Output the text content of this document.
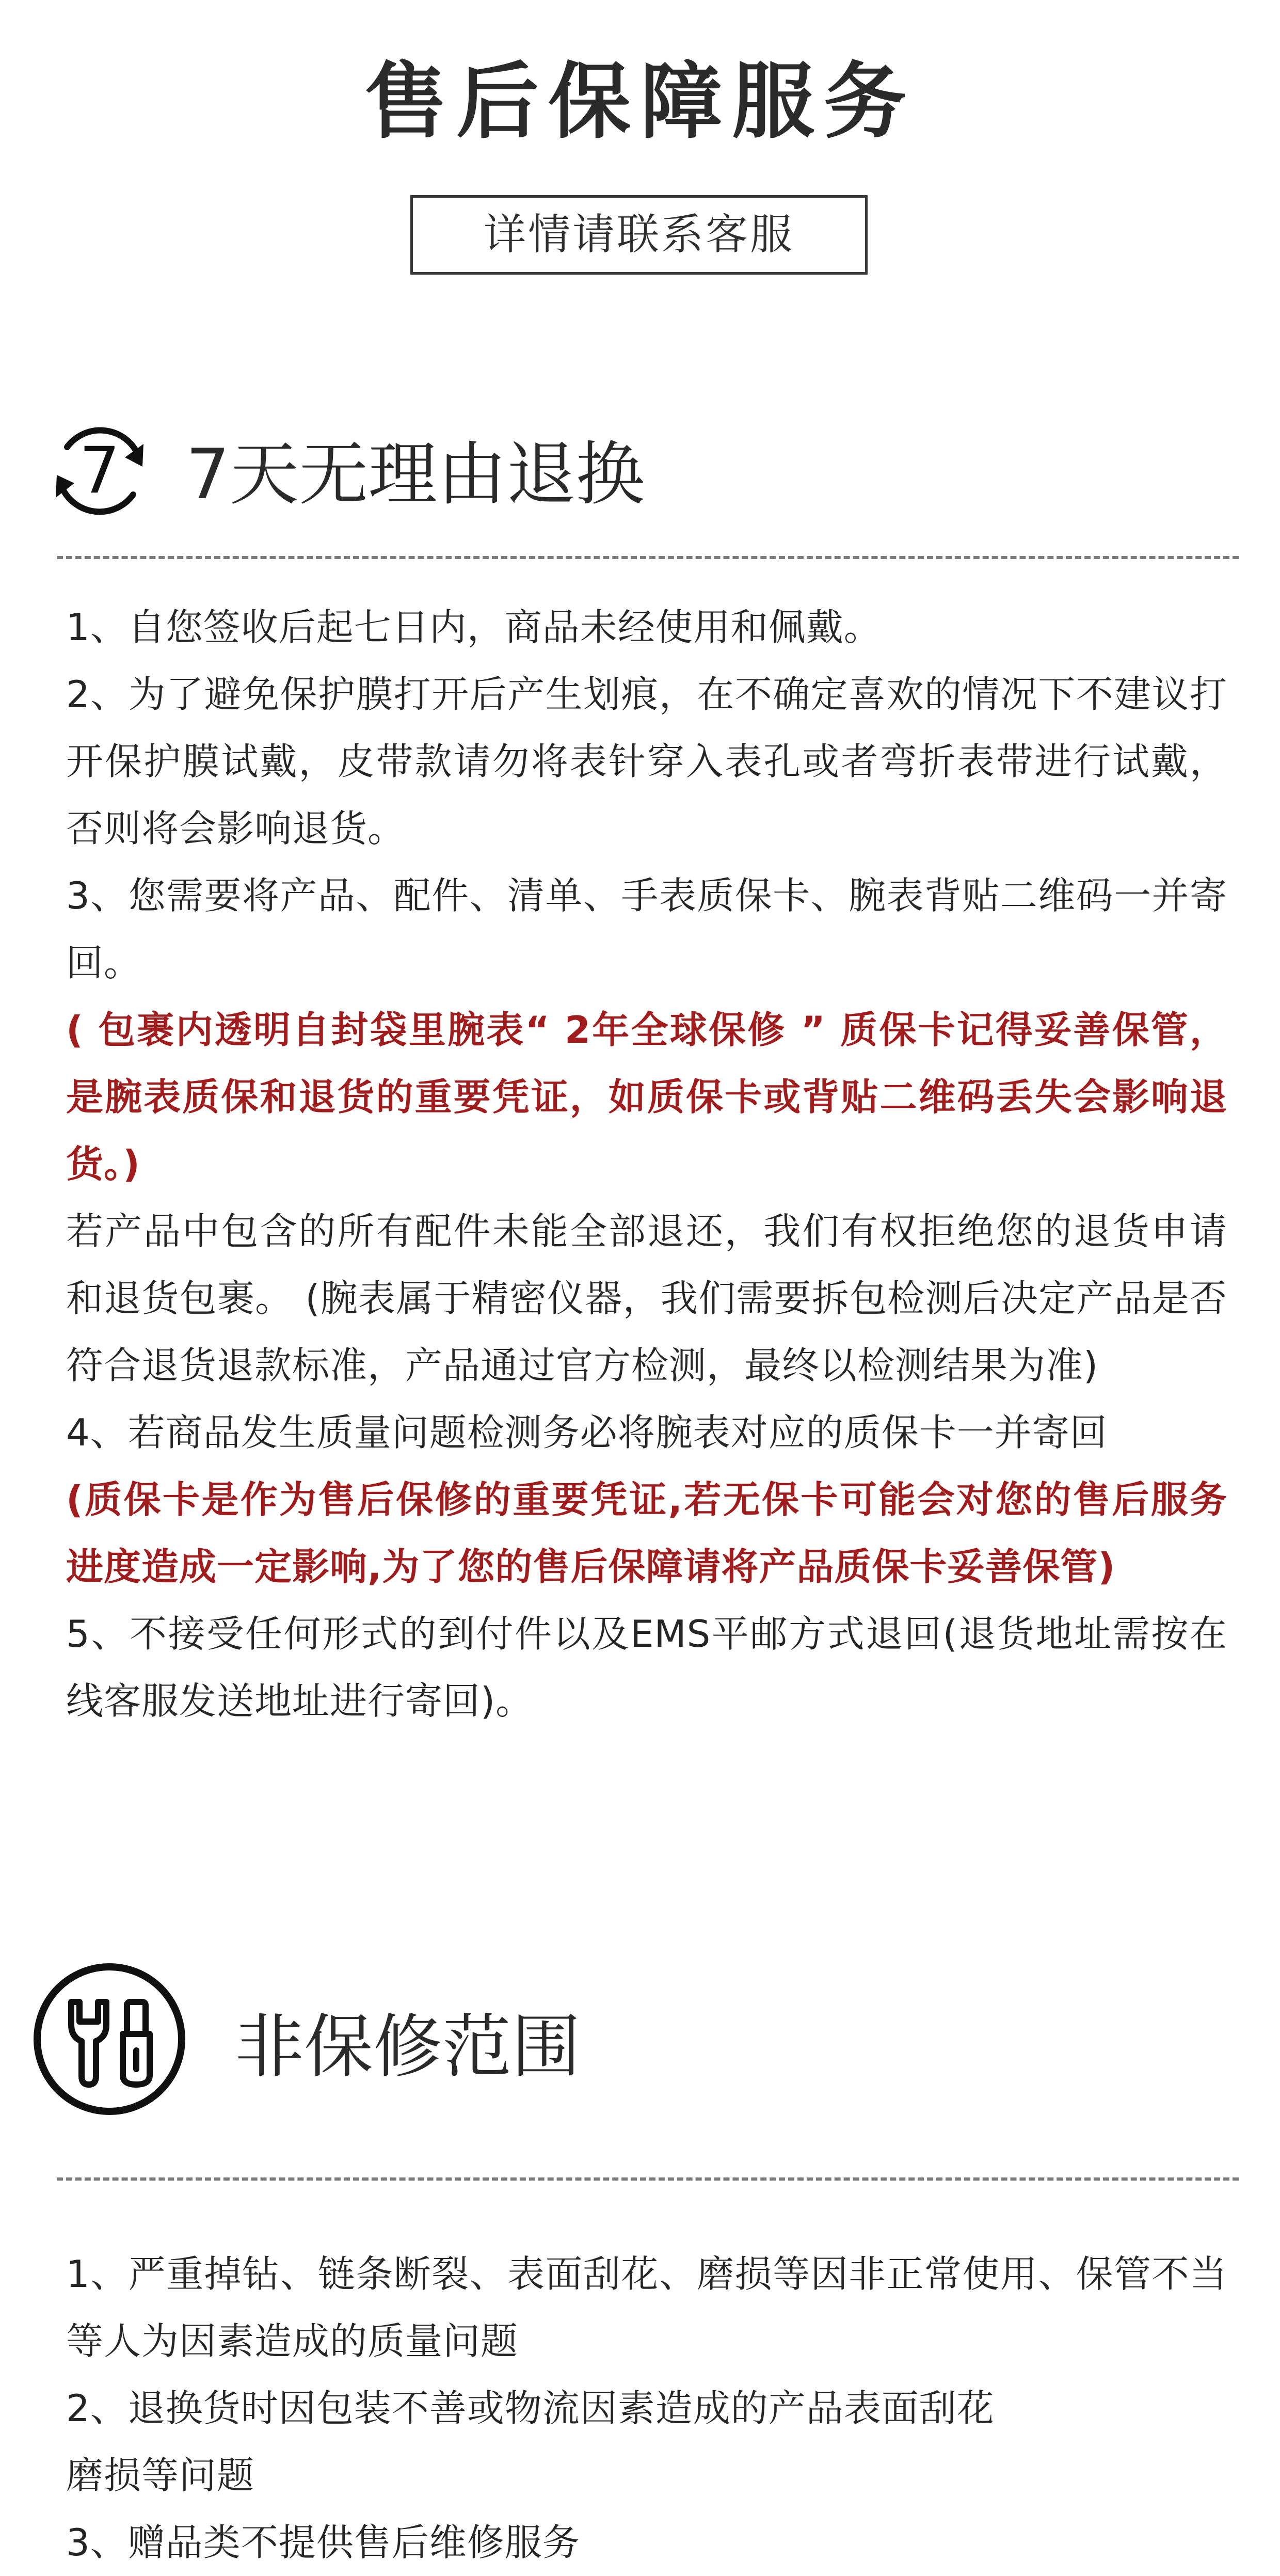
售后保障服务
详情请联系客服
7 7天无理由退换

1、自您签收后起七日内，商品未经使用和佩戴。

2、为了避免保护膜打开后产生划痕，在不确定喜欢的情况下不建议打开保护膜试戴，皮带款请勿将表针穿入表孔或者弯折表带进行试戴，否则将会影响退货。

3、您需要将产品、配件、清单、手表质保卡、腕表背贴二维码一并寄回。

( 包裹内透明自封袋里腕表“ 2年全球保修 ” 质保卡记得妥善保管，是腕表质保和退货的重要凭证，如质保卡或背贴二维码丢失会影响退货。)

若产品中包含的所有配件未能全部退还，我们有权拒绝您的退货申请和退货包裹。 (腕表属于精密仪器，我们需要拆包检测后决定产品是否符合退货退款标准，产品通过官方检测，最终以检测结果为准)

4、若商品发生质量问题检测务必将腕表对应的质保卡一并寄回

(质保卡是作为售后保修的重要凭证,若无保卡可能会对您的售后服务进度造成一定影响,为了您的售后保障请将产品质保卡妥善保管)

5、不接受任何形式的到付件以及EMS平邮方式退回(退货地址需按在线客服发送地址进行寄回)。

非保修范围

1、严重掉钻、链条断裂、表面刮花、磨损等因非正常使用、保管不当等人为因素造成的质量问题

2、退换货时因包装不善或物流因素造成的产品表面刮花

磨损等问题

3、赠品类不提供售后维修服务
